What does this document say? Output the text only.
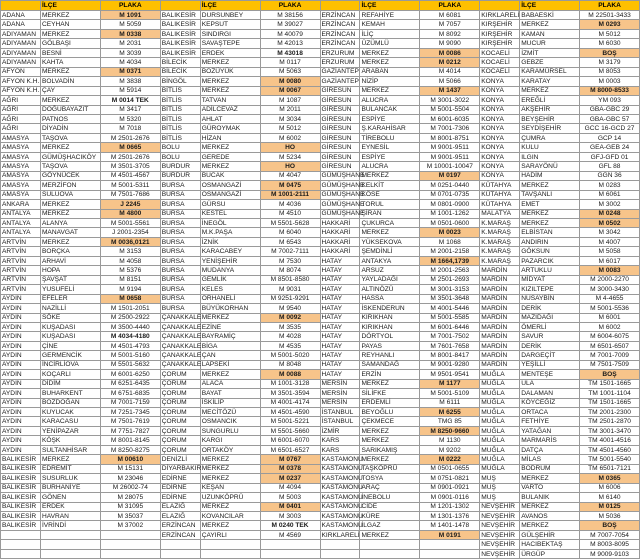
	İLÇE	PLAKA		İLÇE	PLAKA		İLÇE	PLAKA		İLÇE	PLAKA
ADANA	MERKEZ	M 1091	BALIKESİR	DURSUNBEY	M 38156	ERZİNCAN	REFAHİYE	M 6081	KIRKLARELİ	BABAESKİ	M 22501-3433
ADANA	CEYHAN	M 5059	BALIKESİR	KEPSUT	M 39027	ERZİNCAN	KEMAH	M 7057	KIRŞEHİR	MERKEZ	M 0293
ADIYAMAN	MERKEZ	M 0338	BALIKESİR	SINDIRGI	M 40079	ERZİNCAN	İLİÇ	M 8092	KIRŞEHİR	KAMAN	M 5012
ADIYAMAN	GÖLBAŞI	M 2031	BALIKESİR	SAVAŞTEPE	M 42013	ERZİNCAN	ÜZÜMLÜ	M 9090	KIRŞEHİR	MUCUR	M 6030
ADIYAMAN	BESNİ	M 3039	BALIKESİR	ERDEK	M 43018	ERZURUM	MERKEZ	M 0086	KOCAELİ	İZMİT	BOŞ
ADIYAMAN	KAHTA	M 4034	BİLECİK	MERKEZ	M 0117	ERZURUM	MERKEZ	M 0212	KOCAELİ	GEBZE	M 3179
AFYON	MERKEZ	M 0371	BİLECİK	BOZÜYÜK	M 5063	GAZİANTEP	ARABAN	M 4014	KOCAELİ	KARAMÜRSEL	M 8053
AFYON K.H.	BOLVADİN	M 3838	BİNGÖL	MERKEZ	M 0080	GAZİANTEP	NİZİP	M 5066	KONYA	KARATAY	M 0003
AFYON K.H.	ÇAY	M 5914	BİTLİS	MERKEZ	M 0067	GİRESUN	MERKEZ	M 1437	KONYA	MERKEZ	M 8000-8533
AĞRI	MERKEZ	M 0014 TEK	BİTLİS	TATVAN	M 1087	GİRESUN	ALUCRA	M 3001-3022	KONYA	EREĞLİ	YM 093
AĞRI	DOĞUBAYAZIT	M 3417	BİTLİS	ADİLCEVAZ	M 2011	GİRESUN	BULANCAK	M 5001-5504	KONYA	AKŞEHİR	GBA-GBC 29
AĞRI	PATNOS	M 5320	BİTLİS	AHLAT	M 3034	GİRESUN	ESPİYE	M 6001-6035	KONYA	BEYŞEHİR	GBA-GBC 57
AĞRI	DİYADİN	M 7018	BİTLİS	GÜROYMAK	M 5012	GİRESUN	Ş.KARAHİSAR	M 7001-7306	KONYA	SEYDİŞEHİR	GCC 16-GCD 27
AMASYA	TAŞOVA	M 2501-2676	BİTLİS	HİZAN	M 6002	GİRESUN	TİREBOLU	M 8001-8751	KONYA	ÇUMRA	GCP 14
AMASYA	MERKEZ	M 0665	BOLU	MERKEZ	HO	GİRESUN	EYNESİL	M 9001-9511	KONYA	KULU	GEA-GEB 24
AMASYA	GÜMÜŞHACIKÖY	M 2501-2676	BOLU	GEREDE	M 5234	GİRESUN	ESPİYE	M 9001-9511	KONYA	ILGIN	GFJ-GFD 01
AMASYA	TAŞOVA	M 3501-3705	BURDUR	MERKEZ	HO	GİRESUN	ALUCRA	M 10001-10047	KONYA	SARAYÖNÜ	GFL 88
AMASYA	GÖYNÜCEK	M 4501-4567	BURDUR	BUCAK	M 4047	GÜMÜŞHANE	MERKEZ	M 0197	KONYA	HADİM	GGN 36
AMASYA	MERZİFON	M 5001-5311	BURSA	OSMANGAZİ	M 0475	GÜMÜŞHANE	KELKİT	M 0251-0440	KÜTAHYA	MERKEZ	M 0283
AMASYA	SULUOVA	M 7501-7686	BURSA	OSMANGAZİ	M 1001-2111	GÜMÜŞHANE	KÖSE	M 0701-0735	KÜTAHYA	TAVŞANLI	M 6061
ANKARA	MERKEZ	J 2245	BURSA	GÜRSU	M 4036	GÜMÜŞHANE	TORUL	M 0801-0900	KÜTAHYA	EMET	M 3002
ANTALYA	MERKEZ	M 4800	BURSA	KESTEL	M 4510	GÜMÜŞHANE	ŞİRAN	M 1001-1262	MALATYA	MERKEZ	M 0248
ANTALYA	ALANYA	M 5001-5561	BURSA	İNEGÖL	M 5501-5628	HAKKARİ	ÇUKURCA	M 0501-0600	K.MARAŞ	MERKEZ	M 0502
ANTALYA	MANAVGAT	J 2001-2354	BURSA	M.K.PAŞA	M 6040	HAKKARİ	MERKEZ	M 0023	K.MARAŞ	ELBİSTAN	M 3042
ARTVİN	MERKEZ	M 0036,0121	BURSA	İZNİK	M 6543	HAKKARİ	YÜKSEKOVA	M 1068	K.MARAŞ	ANDIRIN	M 4007
ARTVİN	BORÇKA	M 3153	BURSA	KARACABEY	M 7002-7111	HAKKARİ	ŞEMDİNLİ	M 2001-2158	K.MARAŞ	GÖKSUN	M 5058
ARTVİN	ARHAVİ	M 4058	BURSA	YENİŞEHİR	M 7530	HATAY	ANTAKYA	M 1664,1739	K.MARAŞ	PAZARCIK	M 6017
ARTVİN	HOPA	M 5376	BURSA	MUDANYA	M 8074	HATAY	ARSUZ	M 2001-2563	MARDİN	ARTUKLU	M 0083
ARTVİN	ŞAVŞAT	M 8151	BURSA	GEMLİK	M 8501-8580	HATAY	YAYLADAĞI	M 2501-2693	MARDİN	MİDYAT	M 2000-2270
ARTVİN	YUSUFELİ	M 9194	BURSA	KELES	M 9031	HATAY	ALTINÖZÜ	M 3001-3153	MARDİN	KIZILTEPE	M 3000-3430
AYDIN	EFELER	M 0658	BURSA	ORHANELİ	M 9251-9291	HATAY	HASSA	M 3501-3648	MARDİN	NUSAYBİN	M 4-4655
AYDIN	NAZİLLİ	M 1501-2051	BURSA	BÜYÜKORHAN	M 9540	HATAY	İSKENDERUN	M 4001-5446	MARDİN	DERİK	M 5001-5536
AYDIN	SÖKE	M 2500-2922	ÇANAKKALE	MERKEZ	M 0092	HATAY	KIRIKHAN	M 5001-5585	MARDİN	MAZIDAĞI	M 6001
AYDIN	KUŞADASI	M 3500-4440	ÇANAKKALE	EZİNE	M 3535	HATAY	KIRIKHAN	M 6001-6446	MARDİN	ÖMERLİ	M 6002
AYDIN	KUŞADASI	M 4034-4180	ÇANAKKALE	BAYRAMİÇ	M 4028	HATAY	DÖRTYOL	M 7001-7502	MARDİN	SAVUR	M 6004-6075
AYDIN	ÇİNE	M 4501-4793	ÇANAKKALE	BİGA	M 4535	HATAY	PAYAS	M 7601-7658	MARDİN	DERİK	M 6501-6507
AYDIN	GERMENCİK	M 5001-5160	ÇANAKKALE	ÇAN	M 5001-5020	HATAY	REYHANLI	M 8001-8417	MARDİN	DARGEÇİT	M 7001-7009
AYDIN	İNCİRLİOVA	M 5501-5632	ÇANAKKALE	LAPSEKİ	M 8048	HATAY	SAMANDAĞ	M 9001-9280	MARDİN	YEŞİLLİ	M 7501-7509
AYDIN	KOÇARLI	M 6001-6250	ÇORUM	MERKEZ	M 0088	HATAY	ERZİN	M 9501-9541	MUĞLA	MENTEŞE	BOŞ
AYDIN	DİDİM	M 6251-6435	ÇORUM	ALACA	M 1001-3128	MERSİN	MERKEZ	M 1177	MUĞLA	ULA	TM 1501-1665
AYDIN	BUHARKENT	M 6751-6835	ÇORUM	BAYAT	M 3501-3594	MERSİN	SİLİFKE	M 5001-5109	MUĞLA	DALAMAN	TM 1001-1104
AYDIN	BOZDOĞAN	M 7001-7159	ÇORUM	İSKİLİP	M 4001-4174	MERSİN	ERDEMLİ	M 6111	MUĞLA	KÖYCEĞİZ	TM 1501-1665
AYDIN	KUYUCAK	M 7251-7345	ÇORUM	MECİTÖZÜ	M 4501-4590	İSTANBUL	BEYOĞLU	M 6255	MUĞLA	ORTACA	TM 2001-2300
AYDIN	KARACASU	M 7501-7619	ÇORUM	OSMANCIK	M 5001-5221	İSTANBUL	ÇEKMECE	TMG 85	MUĞLA	FETHİYE	TM 2501-2870
AYDIN	YENİPAZAR	M 7751-7827	ÇORUM	SUNGURLU	M 5501-5660	İZMİR	MERKEZ	M 8250-9660	MUĞLA	YATAĞAN	TM 3001-3470
AYDIN	KÖŞK	M 8001-8145	ÇORUM	KARGI	M 6001-6070	KARS	MERKEZ	M 1130	MUĞLA	MARMARİS	TM 4001-4516
AYDIN	SULTANHİSAR	M 8250-8275	ÇORUM	ORTAKÖY	M 6501-6527	KARS	SARIKAMIŞ	M 9202	MUĞLA	DATÇA	TM 4501-4560
BALIKESİR	MERKEZ	M 00610	DENİZLİ	MERKEZ	M 0767	KASTAMONU	MERKEZ	M 0222	MUĞLA	MİLAS	TM 5001-5540
BALIKESİR	EDREMİT	M 15131	DİYARBAKIR	MERKEZ	M 0378	KASTAMONU	TAŞKÖPRÜ	M 0501-0655	MUĞLA	BODRUM	TM 6501-7121
BALIKESİR	SUSURLUK	M 23046	EDİRNE	MERKEZ	M 0237	KASTAMONU	TOSYA	M 0751-0821	MUŞ	MERKEZ	M 0365
BALIKESİR	BURHANİYE	M 26002-74	EDİRNE	KEŞAN	M 4094	KASTAMONU	ARAÇ	M 0901-0921	MUŞ	VARTO	M 6006
BALIKESİR	GÖNEN	M 28075	EDİRNE	UZUNKÖPRÜ	M 5003	KASTAMONU	İNEBOLU	M 0901-0116	MUŞ	BULANIK	M 6140
BALIKESİR	ERDEK	M 31095	ELAZIĞ	MERKEZ	M 0401	KASTAMONU	CİDE	M 1201-1302	NEVŞEHİR	MERKEZ	M 0125
BALIKESİR	HAVRAN	M 35037	ELAZIĞ	KOVANCILAR	M 3003	KASTAMONU	KÜRE	M 1301-1376	NEVŞEHİR	AVANOS	M 5036
BALIKESİR	İVRİNDİ	M 37002	ERZİNCAN	MERKEZ	M 0240 TEK	KASTAMONU	İLGAZ	M 1401-1478	NEVŞEHİR	MERKEZ	BOŞ
			ERZİNCAN	ÇAYIRLI	M 4569	KIRKLARELİ	MERKEZ	M 0191	NEVŞEHİR	GÜLŞEHİR	M 7007-7054
									NEVŞEHİR	HACIBEKTAŞ	M 8003-8095
									NEVŞEHİR	ÜRGÜP	M 9009-9103
